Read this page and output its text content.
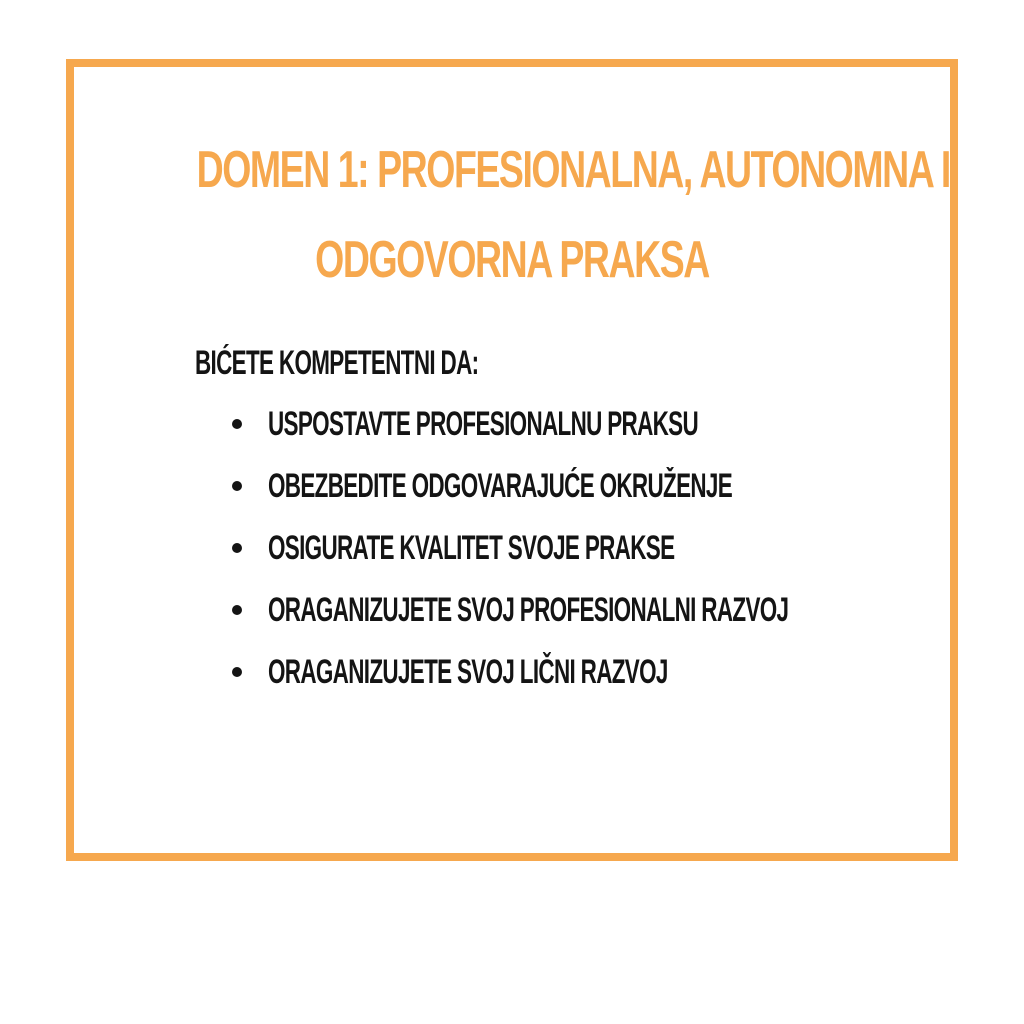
DOMEN 1: PROFESIONALNA, AUTONOMNA I
ODGOVORNA PRAKSA

BIĆETE KOMPETENTNI DA:

USPOSTAVTE PROFESIONALNU PRAKSU
OBEZBEDITE ODGOVARAJUĆE OKRUŽENJE
OSIGURATE KVALITET SVOJE PRAKSE
ORAGANIZUJETE SVOJ PROFESIONALNI RAZVOJ
ORAGANIZUJETE SVOJ LIČNI RAZVOJ
